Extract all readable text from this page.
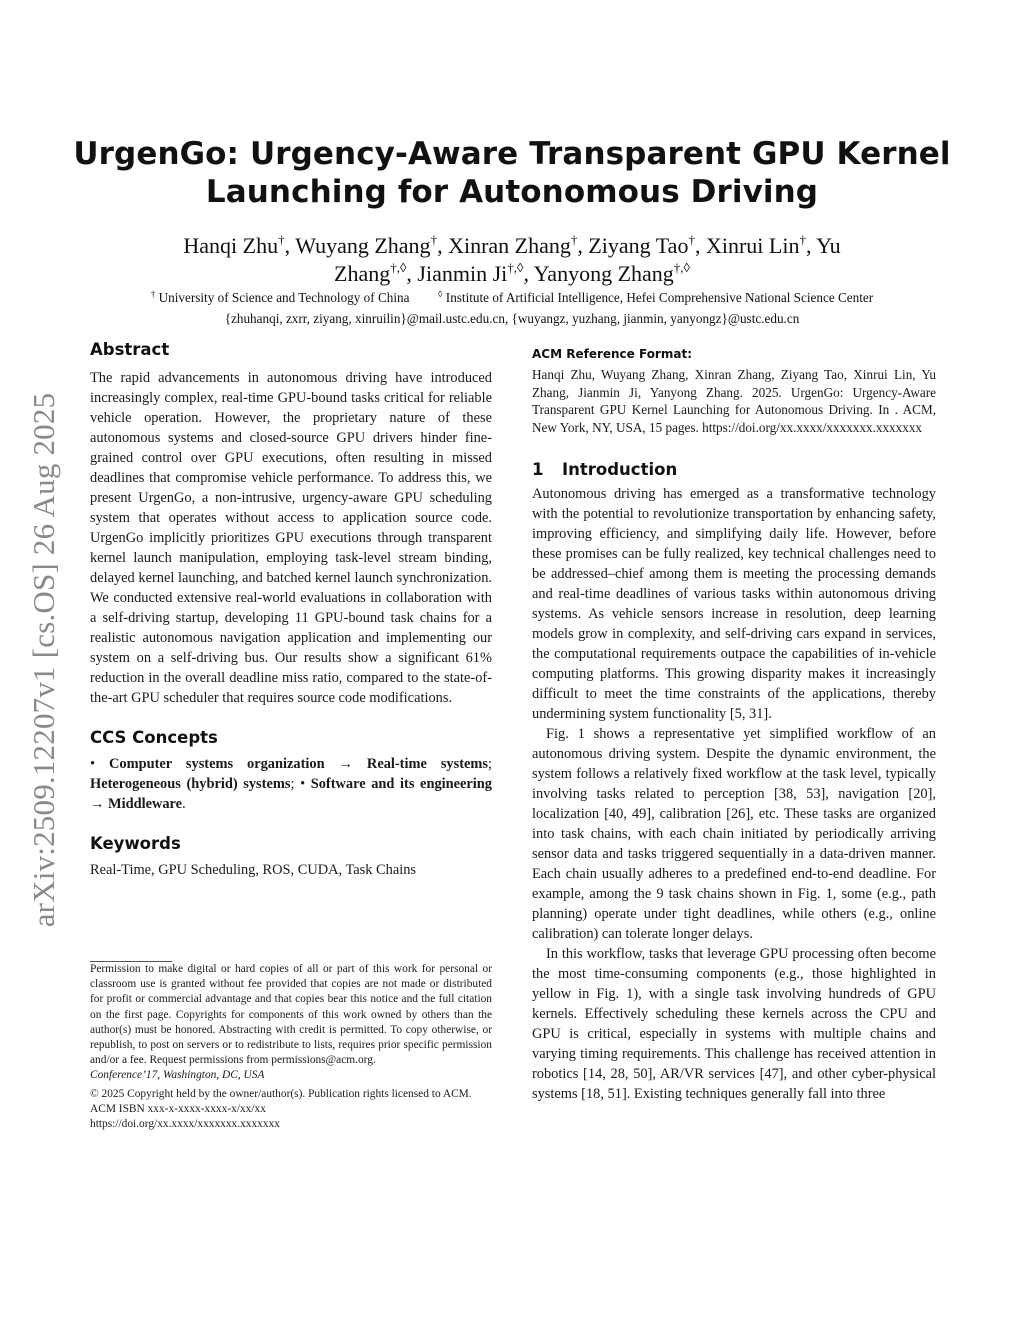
arXiv:2509.12207v1 [cs.OS] 26 Aug 2025
UrgenGo: Urgency-Aware Transparent GPU Kernel
Launching for Autonomous Driving
Hanqi Zhu†, Wuyang Zhang†, Xinran Zhang†, Ziyang Tao†, Xinrui Lin†, Yu
Zhang†,◊, Jianmin Ji†,◊, Yanyong Zhang†,◊
† University of Science and Technology of China	◊ Institute of Artificial Intelligence, Hefei Comprehensive National Science Center
{zhuhanqi, zxrr, ziyang, xinruilin}@mail.ustc.edu.cn, {wuyangz, yuzhang, jianmin, yanyongz}@ustc.edu.cn
Abstract

The rapid advancements in autonomous driving have introduced increasingly complex, real-time GPU-bound tasks critical for reliable vehicle operation. However, the proprietary nature of these autonomous systems and closed-source GPU drivers hinder fine-grained control over GPU executions, often resulting in missed deadlines that compromise vehicle performance. To address this, we present UrgenGo, a non-intrusive, urgency-aware GPU scheduling system that operates without access to application source code. UrgenGo implicitly prioritizes GPU executions through transparent kernel launch manipulation, employing task-level stream binding, delayed kernel launching, and batched kernel launch synchronization. We conducted extensive real-world evaluations in collaboration with a self-driving startup, developing 11 GPU-bound task chains for a realistic autonomous navigation application and implementing our system on a self-driving bus. Our results show a significant 61% reduction in the overall deadline miss ratio, compared to the state-of-the-art GPU scheduler that requires source code modifications.

CCS Concepts

• Computer systems organization → Real-time systems; Heterogeneous (hybrid) systems; • Software and its engineering → Middleware.

Keywords

Real-Time, GPU Scheduling, ROS, CUDA, Task Chains

Permission to make digital or hard copies of all or part of this work for personal or classroom use is granted without fee provided that copies are not made or distributed for profit or commercial advantage and that copies bear this notice and the full citation on the first page. Copyrights for components of this work owned by others than the author(s) must be honored. Abstracting with credit is permitted. To copy otherwise, or republish, to post on servers or to redistribute to lists, requires prior specific permission and/or a fee. Request permissions from permissions@acm.org.

Conference’17, Washington, DC, USA

© 2025 Copyright held by the owner/author(s). Publication rights licensed to ACM.

ACM ISBN xxx-x-xxxx-xxxx-x/xx/xx

https://doi.org/xx.xxxx/xxxxxxx.xxxxxxx

ACM Reference Format:
Hanqi Zhu, Wuyang Zhang, Xinran Zhang, Ziyang Tao, Xinrui Lin, Yu Zhang, Jianmin Ji, Yanyong Zhang. 2025. UrgenGo: Urgency-Aware Transparent GPU Kernel Launching for Autonomous Driving. In . ACM, New York, NY, USA, 15 pages. https://doi.org/xx.xxxx/xxxxxxx.xxxxxxx
1 Introduction

Autonomous driving has emerged as a transformative technology with the potential to revolutionize transportation by enhancing safety, improving efficiency, and simplifying daily life. However, before these promises can be fully realized, key technical challenges need to be addressed–chief among them is meeting the processing demands and real-time deadlines of various tasks within autonomous driving systems. As vehicle sensors increase in resolution, deep learning models grow in complexity, and self-driving cars expand in services, the computational requirements outpace the capabilities of in-vehicle computing platforms. This growing disparity makes it increasingly difficult to meet the time constraints of the applications, thereby undermining system functionality [5, 31].

Fig. 1 shows a representative yet simplified workflow of an autonomous driving system. Despite the dynamic environment, the system follows a relatively fixed workflow at the task level, typically involving tasks related to perception [38, 53], navigation [20], localization [40, 49], calibration [26], etc. These tasks are organized into task chains, with each chain initiated by periodically arriving sensor data and tasks triggered sequentially in a data-driven manner. Each chain usually adheres to a predefined end-to-end deadline. For example, among the 9 task chains shown in Fig. 1, some (e.g., path planning) operate under tight deadlines, while others (e.g., online calibration) can tolerate longer delays.

In this workflow, tasks that leverage GPU processing often become the most time-consuming components (e.g., those highlighted in yellow in Fig. 1), with a single task involving hundreds of GPU kernels. Effectively scheduling these kernels across the CPU and GPU is critical, especially in systems with multiple chains and varying timing requirements. This challenge has received attention in robotics [14, 28, 50], AR/VR services [47], and other cyber-physical systems [18, 51]. Existing techniques generally fall into three
